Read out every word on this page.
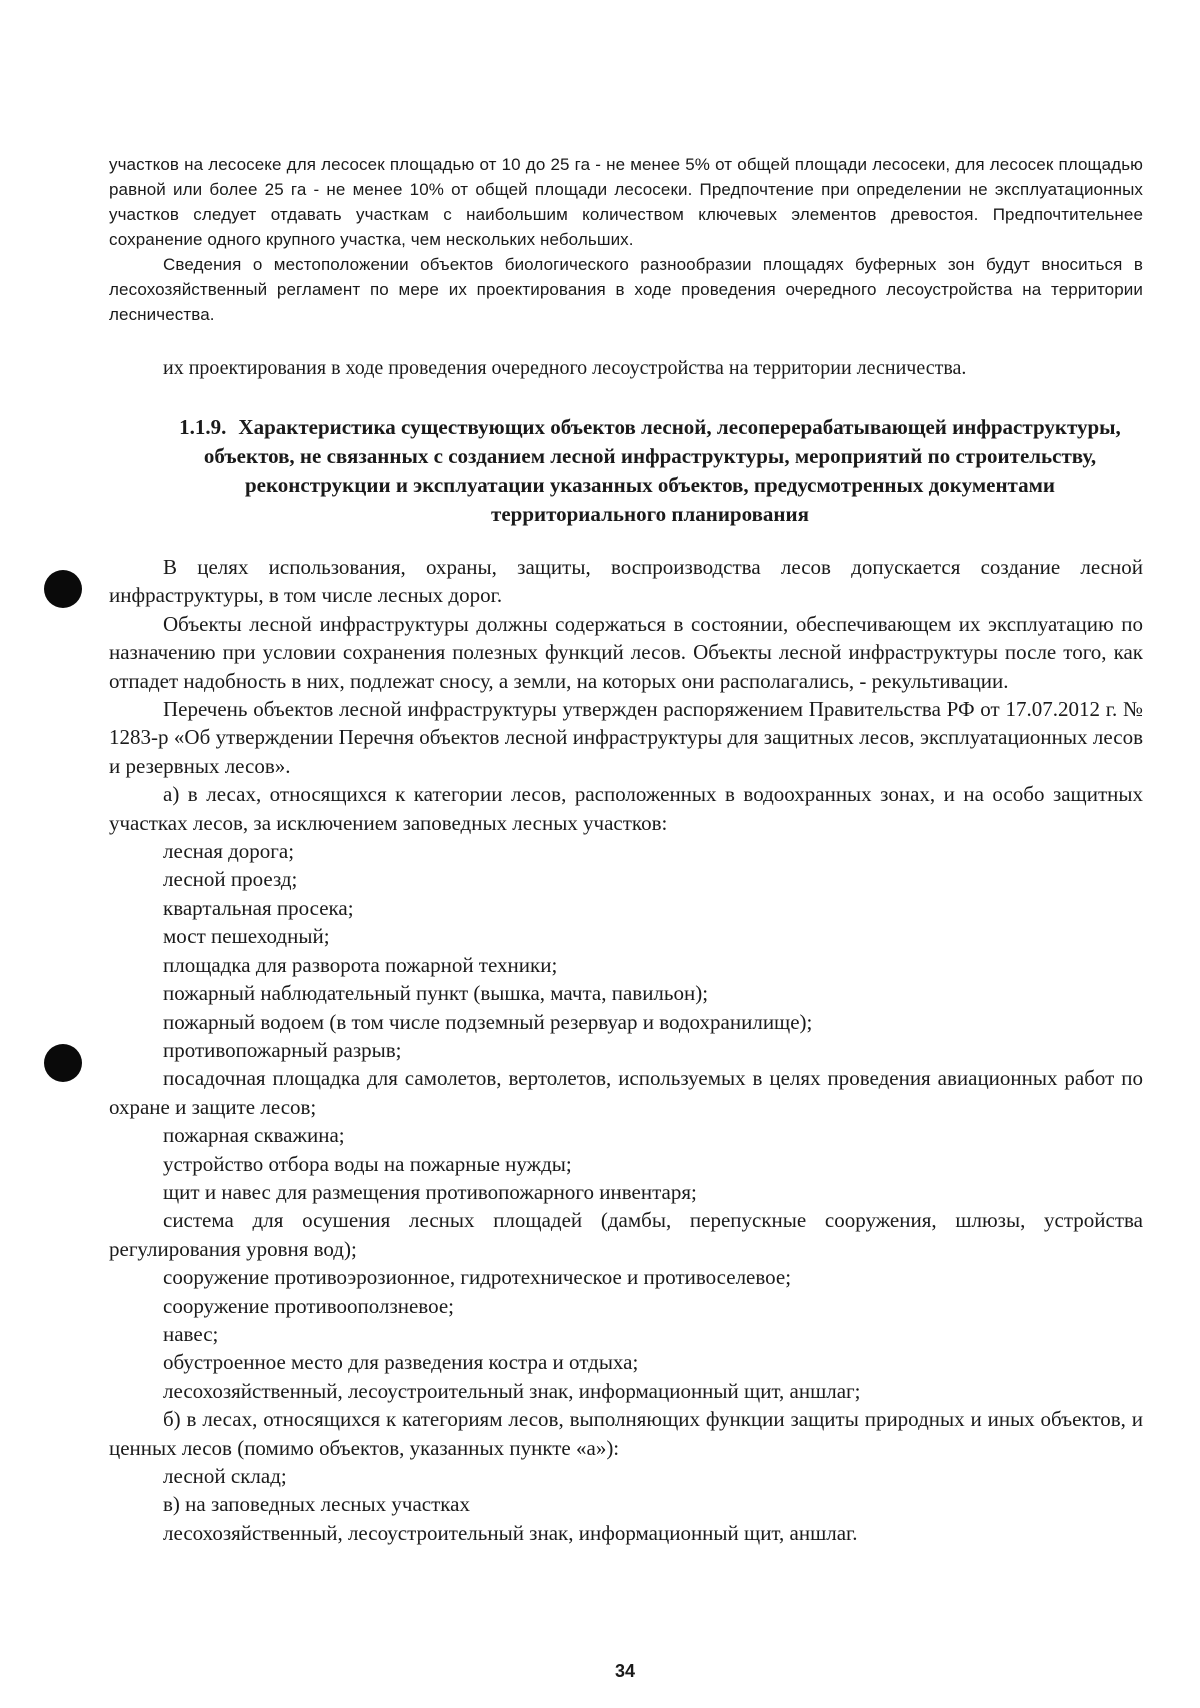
участков на лесосеке для лесосек площадью от 10 до 25 га - не менее 5% от общей площади лесосеки, для лесосек площадью равной или более 25 га - не менее 10% от общей площади лесосеки. Предпочтение при определении не эксплуатационных участков следует отдавать участкам с наибольшим количеством ключевых элементов древостоя. Предпочтительнее сохранение одного крупного участка, чем нескольких небольших.

Сведения о местоположении объектов биологического разнообразии площадях буферных зон будут вноситься в лесохозяйственный регламент по мере их проектирования в ходе проведения очередного лесоустройства на территории лесничества.

их проектирования в ходе проведения очередного лесоустройства на территории лесничества.
1.1.9. Характеристика существующих объектов лесной, лесоперерабатывающей инфраструктуры, объектов, не связанных с созданием лесной инфраструктуры, мероприятий по строительству, реконструкции и эксплуатации указанных объектов, предусмотренных документами территориального планирования

В целях использования, охраны, защиты, воспроизводства лесов допускается создание лесной инфраструктуры, в том числе лесных дорог.

Объекты лесной инфраструктуры должны содержаться в состоянии, обеспечивающем их эксплуатацию по назначению при условии сохранения полезных функций лесов. Объекты лесной инфраструктуры после того, как отпадет надобность в них, подлежат сносу, а земли, на которых они располагались, - рекультивации.

Перечень объектов лесной инфраструктуры утвержден распоряжением Правительства РФ от 17.07.2012 г. № 1283-р «Об утверждении Перечня объектов лесной инфраструктуры для защитных лесов, эксплуатационных лесов и резервных лесов».

а) в лесах, относящихся к категории лесов, расположенных в водоохранных зонах, и на особо защитных участках лесов, за исключением заповедных лесных участков:

лесная дорога;

лесной проезд;

квартальная просека;

мост пешеходный;

площадка для разворота пожарной техники;

пожарный наблюдательный пункт (вышка, мачта, павильон);

пожарный водоем (в том числе подземный резервуар и водохранилище);

противопожарный разрыв;

посадочная площадка для самолетов, вертолетов, используемых в целях проведения авиационных работ по охране и защите лесов;

пожарная скважина;

устройство отбора воды на пожарные нужды;

щит и навес для размещения противопожарного инвентаря;

система для осушения лесных площадей (дамбы, перепускные сооружения, шлюзы, устройства регулирования уровня вод);

сооружение противоэрозионное, гидротехническое и противоселевое;

сооружение противооползневое;

навес;

обустроенное место для разведения костра и отдыха;

лесохозяйственный, лесоустроительный знак, информационный щит, аншлаг;

б) в лесах, относящихся к категориям лесов, выполняющих функции защиты природных и иных объектов, и ценных лесов (помимо объектов, указанных пункте «а»):

лесной склад;

в) на заповедных лесных участках

лесохозяйственный, лесоустроительный знак, информационный щит, аншлаг.

34
